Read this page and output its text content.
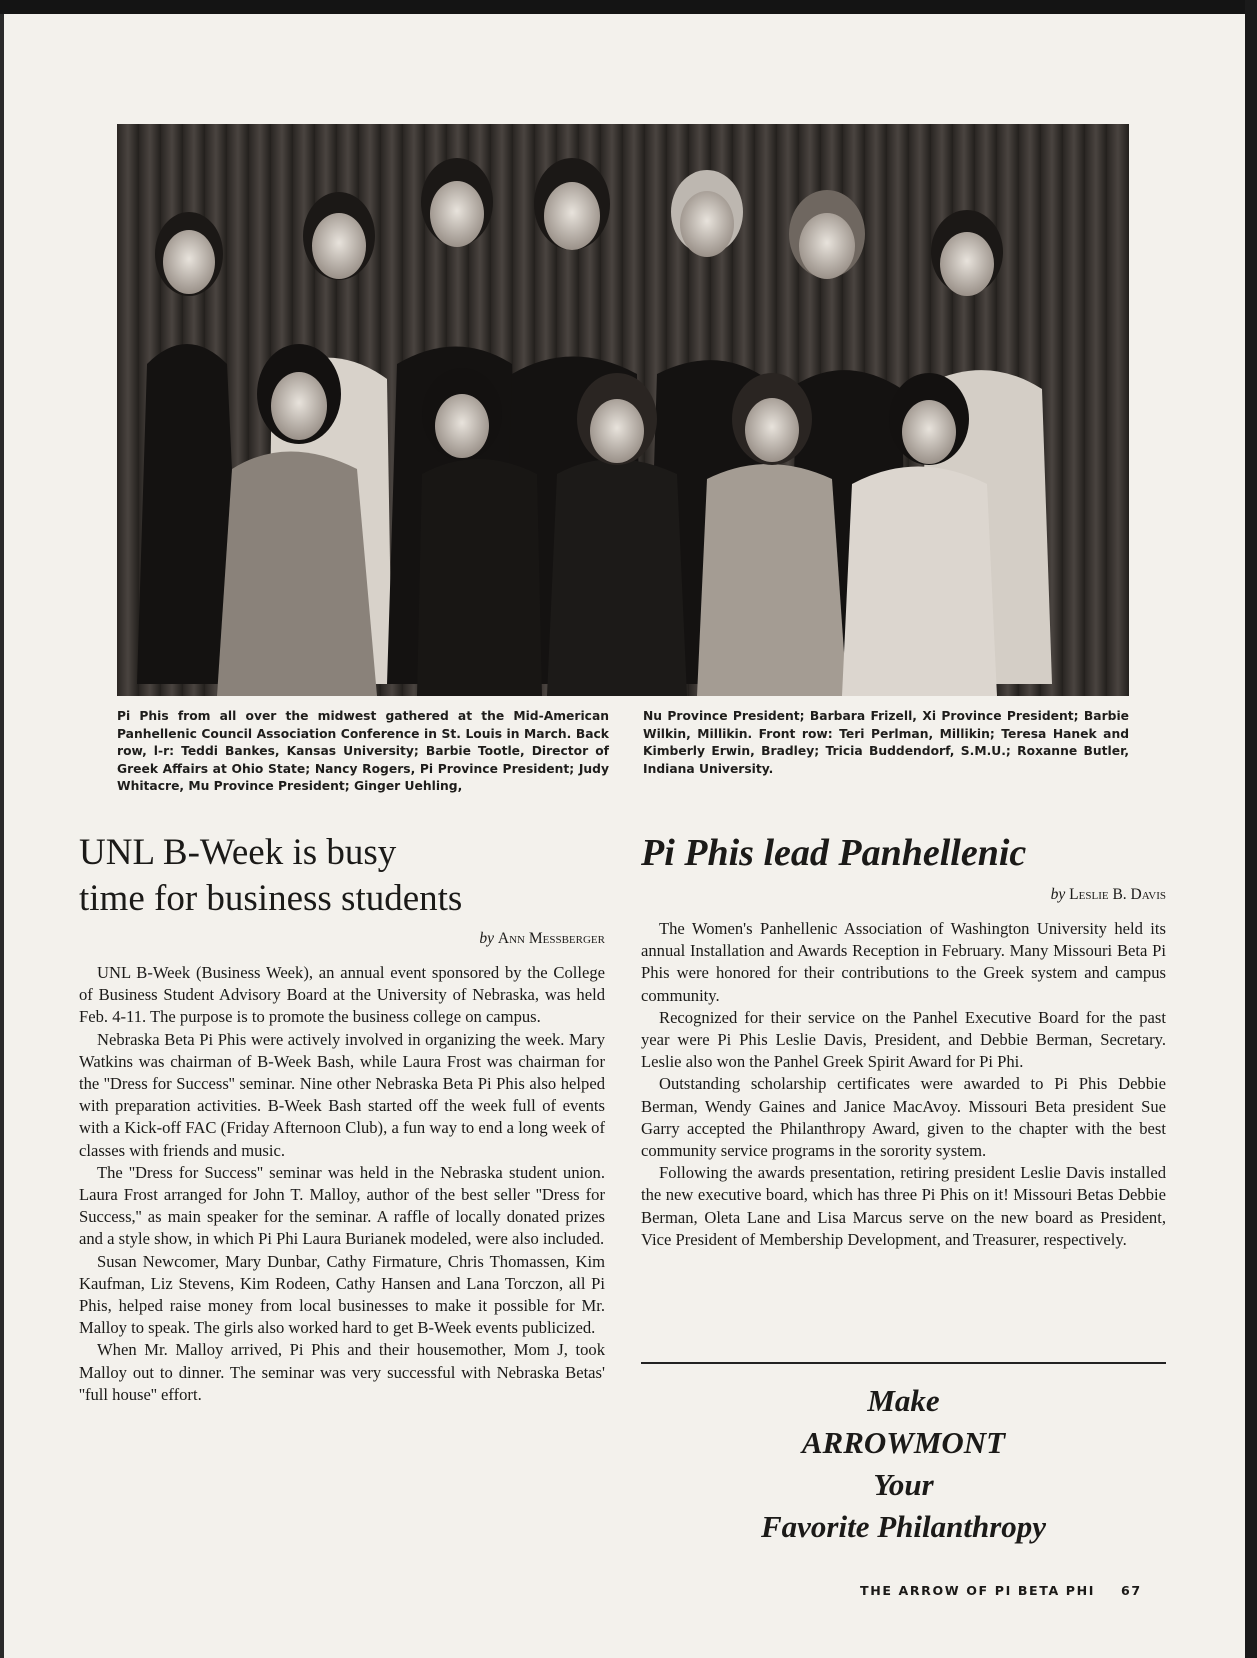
Pi Phis from all over the midwest gathered at the Mid-American Panhellenic Council Association Conference in St. Louis in March. Back row, l-r: Teddi Bankes, Kansas University; Barbie Tootle, Director of Greek Affairs at Ohio State; Nancy Rogers, Pi Province President; Judy Whitacre, Mu Province President; Ginger Uehling,
Nu Province President; Barbara Frizell, Xi Province President; Barbie Wilkin, Millikin. Front row: Teri Perlman, Millikin; Teresa Hanek and Kimberly Erwin, Bradley; Tricia Buddendorf, S.M.U.; Roxanne Butler, Indiana University.
UNL B-Week is busy
time for business students
by Ann Messberger

UNL B-Week (Business Week), an annual event sponsored by the College of Business Student Advisory Board at the University of Nebraska, was held Feb. 4-11. The purpose is to promote the business college on campus.

Nebraska Beta Pi Phis were actively involved in organizing the week. Mary Watkins was chairman of B-Week Bash, while Laura Frost was chairman for the ''Dress for Success'' seminar. Nine other Nebraska Beta Pi Phis also helped with preparation activities. B-Week Bash started off the week full of events with a Kick-off FAC (Friday Afternoon Club), a fun way to end a long week of classes with friends and music.

The ''Dress for Success'' seminar was held in the Nebraska student union. Laura Frost arranged for John T. Malloy, author of the best seller ''Dress for Success,'' as main speaker for the seminar. A raffle of locally donated prizes and a style show, in which Pi Phi Laura Burianek modeled, were also included.

Susan Newcomer, Mary Dunbar, Cathy Firmature, Chris Thomassen, Kim Kaufman, Liz Stevens, Kim Rodeen, Cathy Hansen and Lana Torczon, all Pi Phis, helped raise money from local businesses to make it possible for Mr. Malloy to speak. The girls also worked hard to get B-Week events publicized.

When Mr. Malloy arrived, Pi Phis and their housemother, Mom J, took Malloy out to dinner. The seminar was very successful with Nebraska Betas' ''full house'' effort.

Pi Phis lead Panhellenic
by Leslie B. Davis

The Women's Panhellenic Association of Washington University held its annual Installation and Awards Reception in February. Many Missouri Beta Pi Phis were honored for their contributions to the Greek system and campus community.

Recognized for their service on the Panhel Executive Board for the past year were Pi Phis Leslie Davis, President, and Debbie Berman, Secretary. Leslie also won the Panhel Greek Spirit Award for Pi Phi.

Outstanding scholarship certificates were awarded to Pi Phis Debbie Berman, Wendy Gaines and Janice MacAvoy. Missouri Beta president Sue Garry accepted the Philanthropy Award, given to the chapter with the best community service programs in the sorority system.

Following the awards presentation, retiring president Leslie Davis installed the new executive board, which has three Pi Phis on it! Missouri Betas Debbie Berman, Oleta Lane and Lisa Marcus serve on the new board as President, Vice President of Membership Development, and Treasurer, respectively.

Make
ARROWMONT
Your
Favorite Philanthropy
THE ARROW OF PI BETA PHI 67
